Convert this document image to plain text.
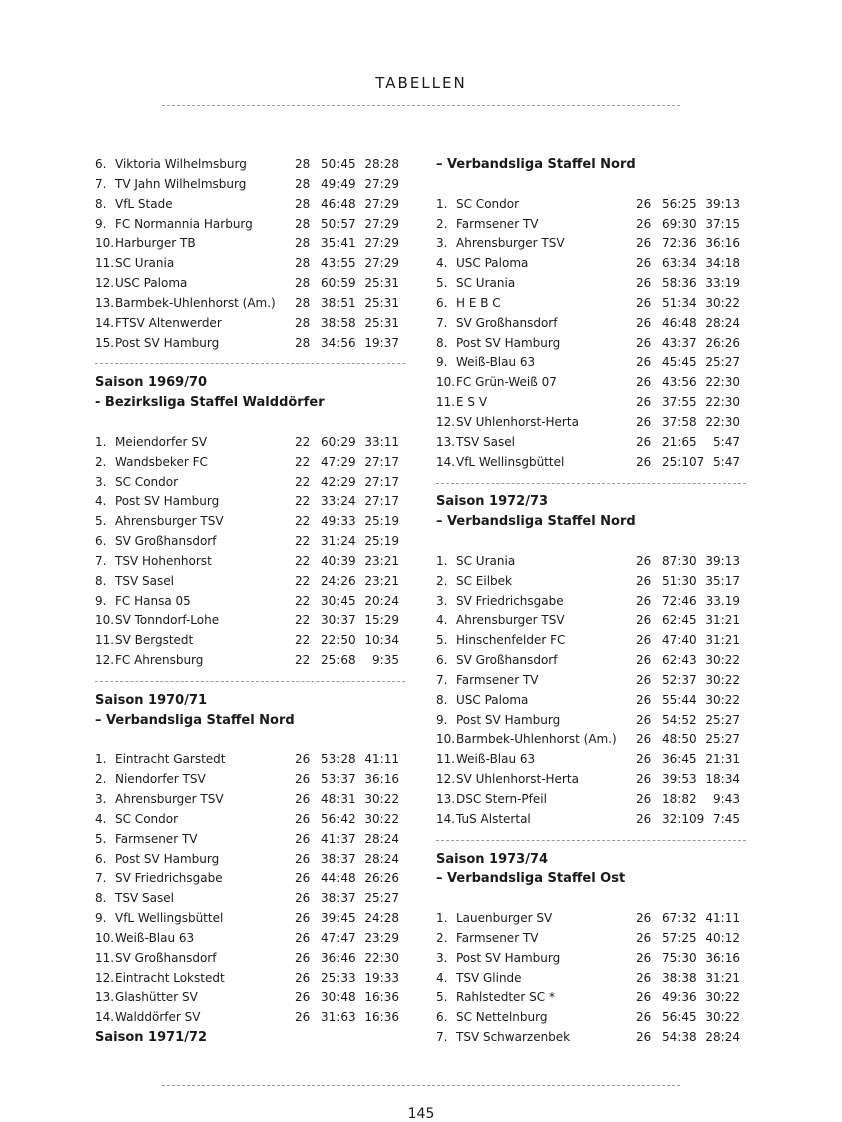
TABELLEN
6. Viktoria Wilhelmsburg	28 50:45 28:28
7. TV Jahn Wilhelmsburg	28 49:49 27:29
8. VfL Stade	28 46:48 27:29
9. FC Normannia Harburg	28 50:57 27:29
10. Harburger TB	28 35:41 27:29
11. SC Urania	28 43:55 27:29
12. USC Paloma	28 60:59 25:31
13. Barmbek-Uhlenhorst (Am.) 28 38:51 25:31
14. FTSV Altenwerder	28 38:58 25:31
15. Post SV Hamburg	28 34:56 19:37
Saison 1969/70
- Bezirksliga Staffel Walddörfer
1. Meiendorfer SV	22 60:29 33:11
2. Wandsbeker FC	22 47:29 27:17
3. SC Condor	22 42:29 27:17
4. Post SV Hamburg	22 33:24 27:17
5. Ahrensburger TSV	22 49:33 25:19
6. SV Großhansdorf	22 31:24 25:19
7. TSV Hohenhorst	22 40:39 23:21
8. TSV Sasel	22 24:26 23:21
9. FC Hansa 05	22 30:45 20:24
10. SV Tonndorf-Lohe	22 30:37 15:29
11. SV Bergstedt	22 22:50 10:34
12. FC Ahrensburg	22 25:68 9:35
Saison 1970/71
– Verbandsliga Staffel Nord
1. Eintracht Garstedt	26 53:28 41:11
2. Niendorfer TSV	26 53:37 36:16
3. Ahrensburger TSV	26 48:31 30:22
4. SC Condor	26 56:42 30:22
5. Farmsener TV	26 41:37 28:24
6. Post SV Hamburg	26 38:37 28:24
7. SV Friedrichsgabe	26 44:48 26:26
8. TSV Sasel	26 38:37 25:27
9. VfL Wellingsbüttel	26 39:45 24:28
10. Weiß-Blau 63	26 47:47 23:29
11. SV Großhansdorf	26 36:46 22:30
12. Eintracht Lokstedt	26 25:33 19:33
13. Glashütter SV	26 30:48 16:36
14. Walddörfer SV	26 31:63 16:36
Saison 1971/72
– Verbandsliga Staffel Nord
1. SC Condor	26 56:25 39:13
2. Farmsener TV	26 69:30 37:15
3. Ahrensburger TSV	26 72:36 36:16
4. USC Paloma	26 63:34 34:18
5. SC Urania	26 58:36 33:19
6. H E B C	26 51:34 30:22
7. SV Großhansdorf	26 46:48 28:24
8. Post SV Hamburg	26 43:37 26:26
9. Weiß-Blau 63	26 45:45 25:27
10. FC Grün-Weiß 07	26 43:56 22:30
11. E S V	26 37:55 22:30
12. SV Uhlenhorst-Herta	26 37:58 22:30
13. TSV Sasel	26 21:65 5:47
14. VfL Wellinsgbüttel	26 25:107 5:47
Saison 1972/73
– Verbandsliga Staffel Nord
1. SC Urania	26 87:30 39:13
2. SC Eilbek	26 51:30 35:17
3. SV Friedrichsgabe	26 72:46 33.19
4. Ahrensburger TSV	26 62:45 31:21
5. Hinschenfelder FC	26 47:40 31:21
6. SV Großhansdorf	26 62:43 30:22
7. Farmsener TV	26 52:37 30:22
8. USC Paloma	26 55:44 30:22
9. Post SV Hamburg	26 54:52 25:27
10. Barmbek-Uhlenhorst (Am.) 26 48:50 25:27
11. Weiß-Blau 63	26 36:45 21:31
12. SV Uhlenhorst-Herta	26 39:53 18:34
13. DSC Stern-Pfeil	26 18:82 9:43
14. TuS Alstertal	26 32:109 7:45
Saison 1973/74
– Verbandsliga Staffel Ost
1. Lauenburger SV	26 67:32 41:11
2. Farmsener TV	26 57:25 40:12
3. Post SV Hamburg	26 75:30 36:16
4. TSV Glinde	26 38:38 31:21
5. Rahlstedter SC *	26 49:36 30:22
6. SC Nettelnburg	26 56:45 30:22
7. TSV Schwarzenbek	26 54:38 28:24
145
